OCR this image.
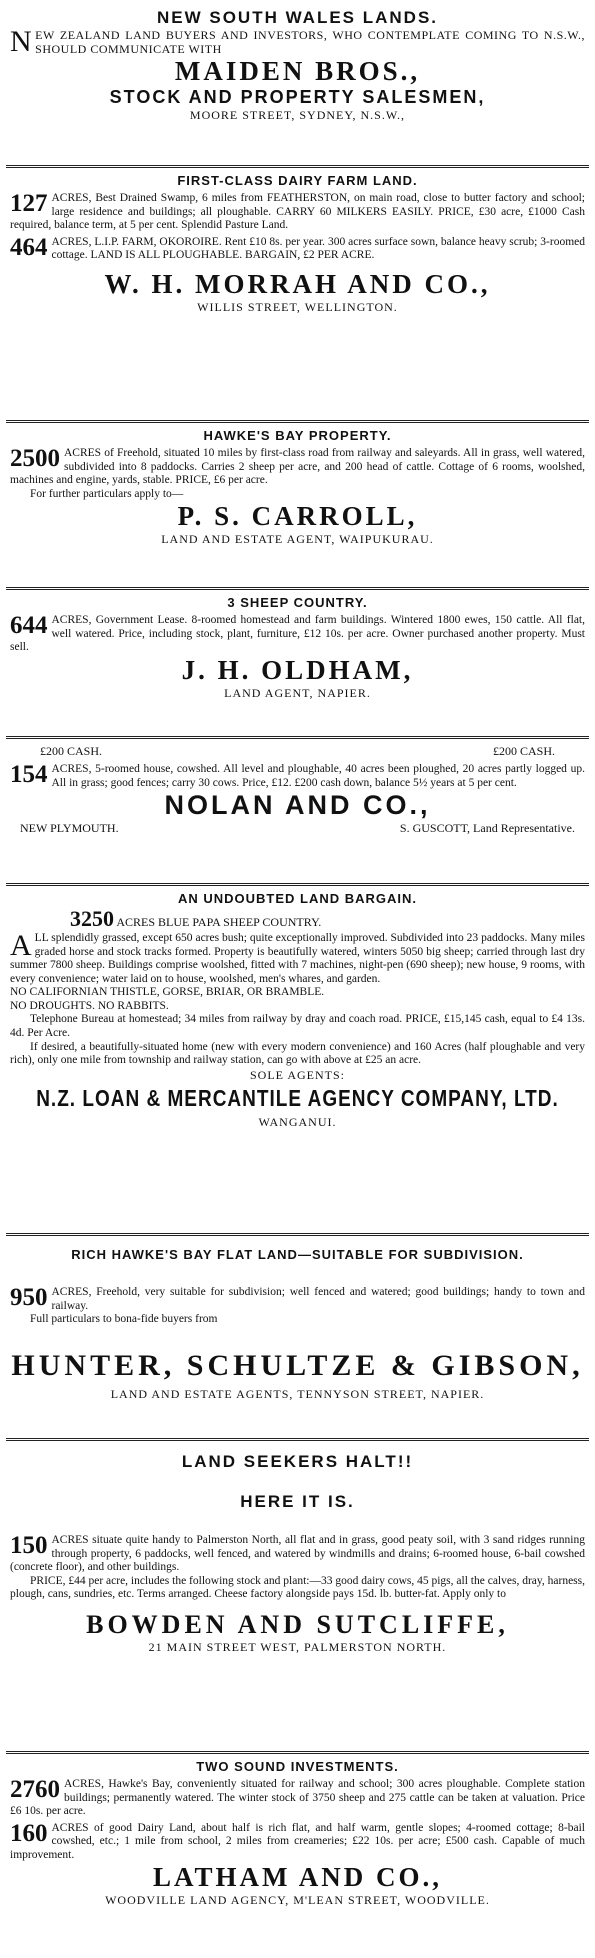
NEW SOUTH WALES LANDS.
N EW ZEALAND LAND BUYERS AND INVESTORS, WHO CONTEMPLATE COMING TO N.S.W., SHOULD COMMUNICATE WITH
MAIDEN BROS.,
STOCK AND PROPERTY SALESMEN,
MOORE STREET, SYDNEY, N.S.W.,
FIRST-CLASS DAIRY FARM LAND.
127 ACRES, Best Drained Swamp, 6 miles from FEATHERSTON, on main road, close to butter factory and school; large residence and buildings; all ploughable. CARRY 60 MILKERS EASILY. PRICE, £30 acre, £1000 Cash required, balance term, at 5 per cent. Splendid Pasture Land.
464 ACRES, L.I.P. FARM, OKOROIRE. Rent £10 8s. per year. 300 acres surface sown, balance heavy scrub; 3-roomed cottage. LAND IS ALL PLOUGHABLE. BARGAIN, £2 PER ACRE.
W. H. MORRAH AND CO.,
WILLIS STREET, WELLINGTON.
HAWKE'S BAY PROPERTY.
2500 ACRES of Freehold, situated 10 miles by first-class road from railway and saleyards. All in grass, well watered, subdivided into 8 paddocks. Carries 2 sheep per acre, and 200 head of cattle. Cottage of 6 rooms, woolshed, machines and engine, yards, stable. PRICE, £6 per acre.
For further particulars apply to—
P. S. CARROLL,
LAND AND ESTATE AGENT, WAIPUKURAU.
3 SHEEP COUNTRY.
644 ACRES, Government Lease. 8-roomed homestead and farm buildings. Wintered 1800 ewes, 150 cattle. All flat, well watered. Price, including stock, plant, furniture, £12 10s. per acre. Owner purchased another property. Must sell.
J. H. OLDHAM,
LAND AGENT, NAPIER.
£200 CASH.	£200 CASH.
154 ACRES, 5-roomed house, cowshed. All level and ploughable, 40 acres been ploughed, 20 acres partly logged up. All in grass; good fences; carry 30 cows. Price, £12. £200 cash down, balance 5½ years at 5 per cent.
NOLAN AND CO.,
NEW PLYMOUTH.	S. GUSCOTT, Land Representative.
AN UNDOUBTED LAND BARGAIN.
3250 ACRES BLUE PAPA SHEEP COUNTRY.
A LL splendidly grassed, except 650 acres bush; quite exceptionally improved. Subdivided into 23 paddocks. Many miles graded horse and stock tracks formed. Property is beautifully watered, winters 5050 big sheep; carried through last dry summer 7800 sheep. Buildings comprise woolshed, fitted with 7 machines, night-pen (690 sheep); new house, 9 rooms, with every convenience; water laid on to house, woolshed, men's whares, and garden.
NO CALIFORNIAN THISTLE, GORSE, BRIAR, OR BRAMBLE.
NO DROUGHTS. NO RABBITS.
Telephone Bureau at homestead; 34 miles from railway by dray and coach road. PRICE, £15,145 cash, equal to £4 13s. 4d. Per Acre.
If desired, a beautifully-situated home (new with every modern convenience) and 160 Acres (half ploughable and very rich), only one mile from township and railway station, can go with above at £25 an acre.
SOLE AGENTS:
N.Z. LOAN & MERCANTILE AGENCY COMPANY, LTD.
WANGANUI.
RICH HAWKE'S BAY FLAT LAND—SUITABLE FOR SUBDIVISION.
950 ACRES, Freehold, very suitable for subdivision; well fenced and watered; good buildings; handy to town and railway.
Full particulars to bona-fide buyers from
HUNTER, SCHULTZE & GIBSON,
LAND AND ESTATE AGENTS, TENNYSON STREET, NAPIER.
LAND SEEKERS HALT!!
HERE IT IS.
150 ACRES situate quite handy to Palmerston North, all flat and in grass, good peaty soil, with 3 sand ridges running through property, 6 paddocks, well fenced, and watered by windmills and drains; 6-roomed house, 6-bail cowshed (concrete floor), and other buildings.
PRICE, £44 per acre, includes the following stock and plant:—33 good dairy cows, 45 pigs, all the calves, dray, harness, plough, cans, sundries, etc. Terms arranged. Cheese factory alongside pays 15d. lb. butter-fat. Apply only to
BOWDEN AND SUTCLIFFE,
21 MAIN STREET WEST, PALMERSTON NORTH.
TWO SOUND INVESTMENTS.
2760 ACRES, Hawke's Bay, conveniently situated for railway and school; 300 acres ploughable. Complete station buildings; permanently watered. The winter stock of 3750 sheep and 275 cattle can be taken at valuation. Price £6 10s. per acre.
160 ACRES of good Dairy Land, about half is rich flat, and half warm, gentle slopes; 4-roomed cottage; 8-bail cowshed, etc.; 1 mile from school, 2 miles from creameries; £22 10s. per acre; £500 cash. Capable of much improvement.
LATHAM AND CO.,
WOODVILLE LAND AGENCY, M'LEAN STREET, WOODVILLE.
